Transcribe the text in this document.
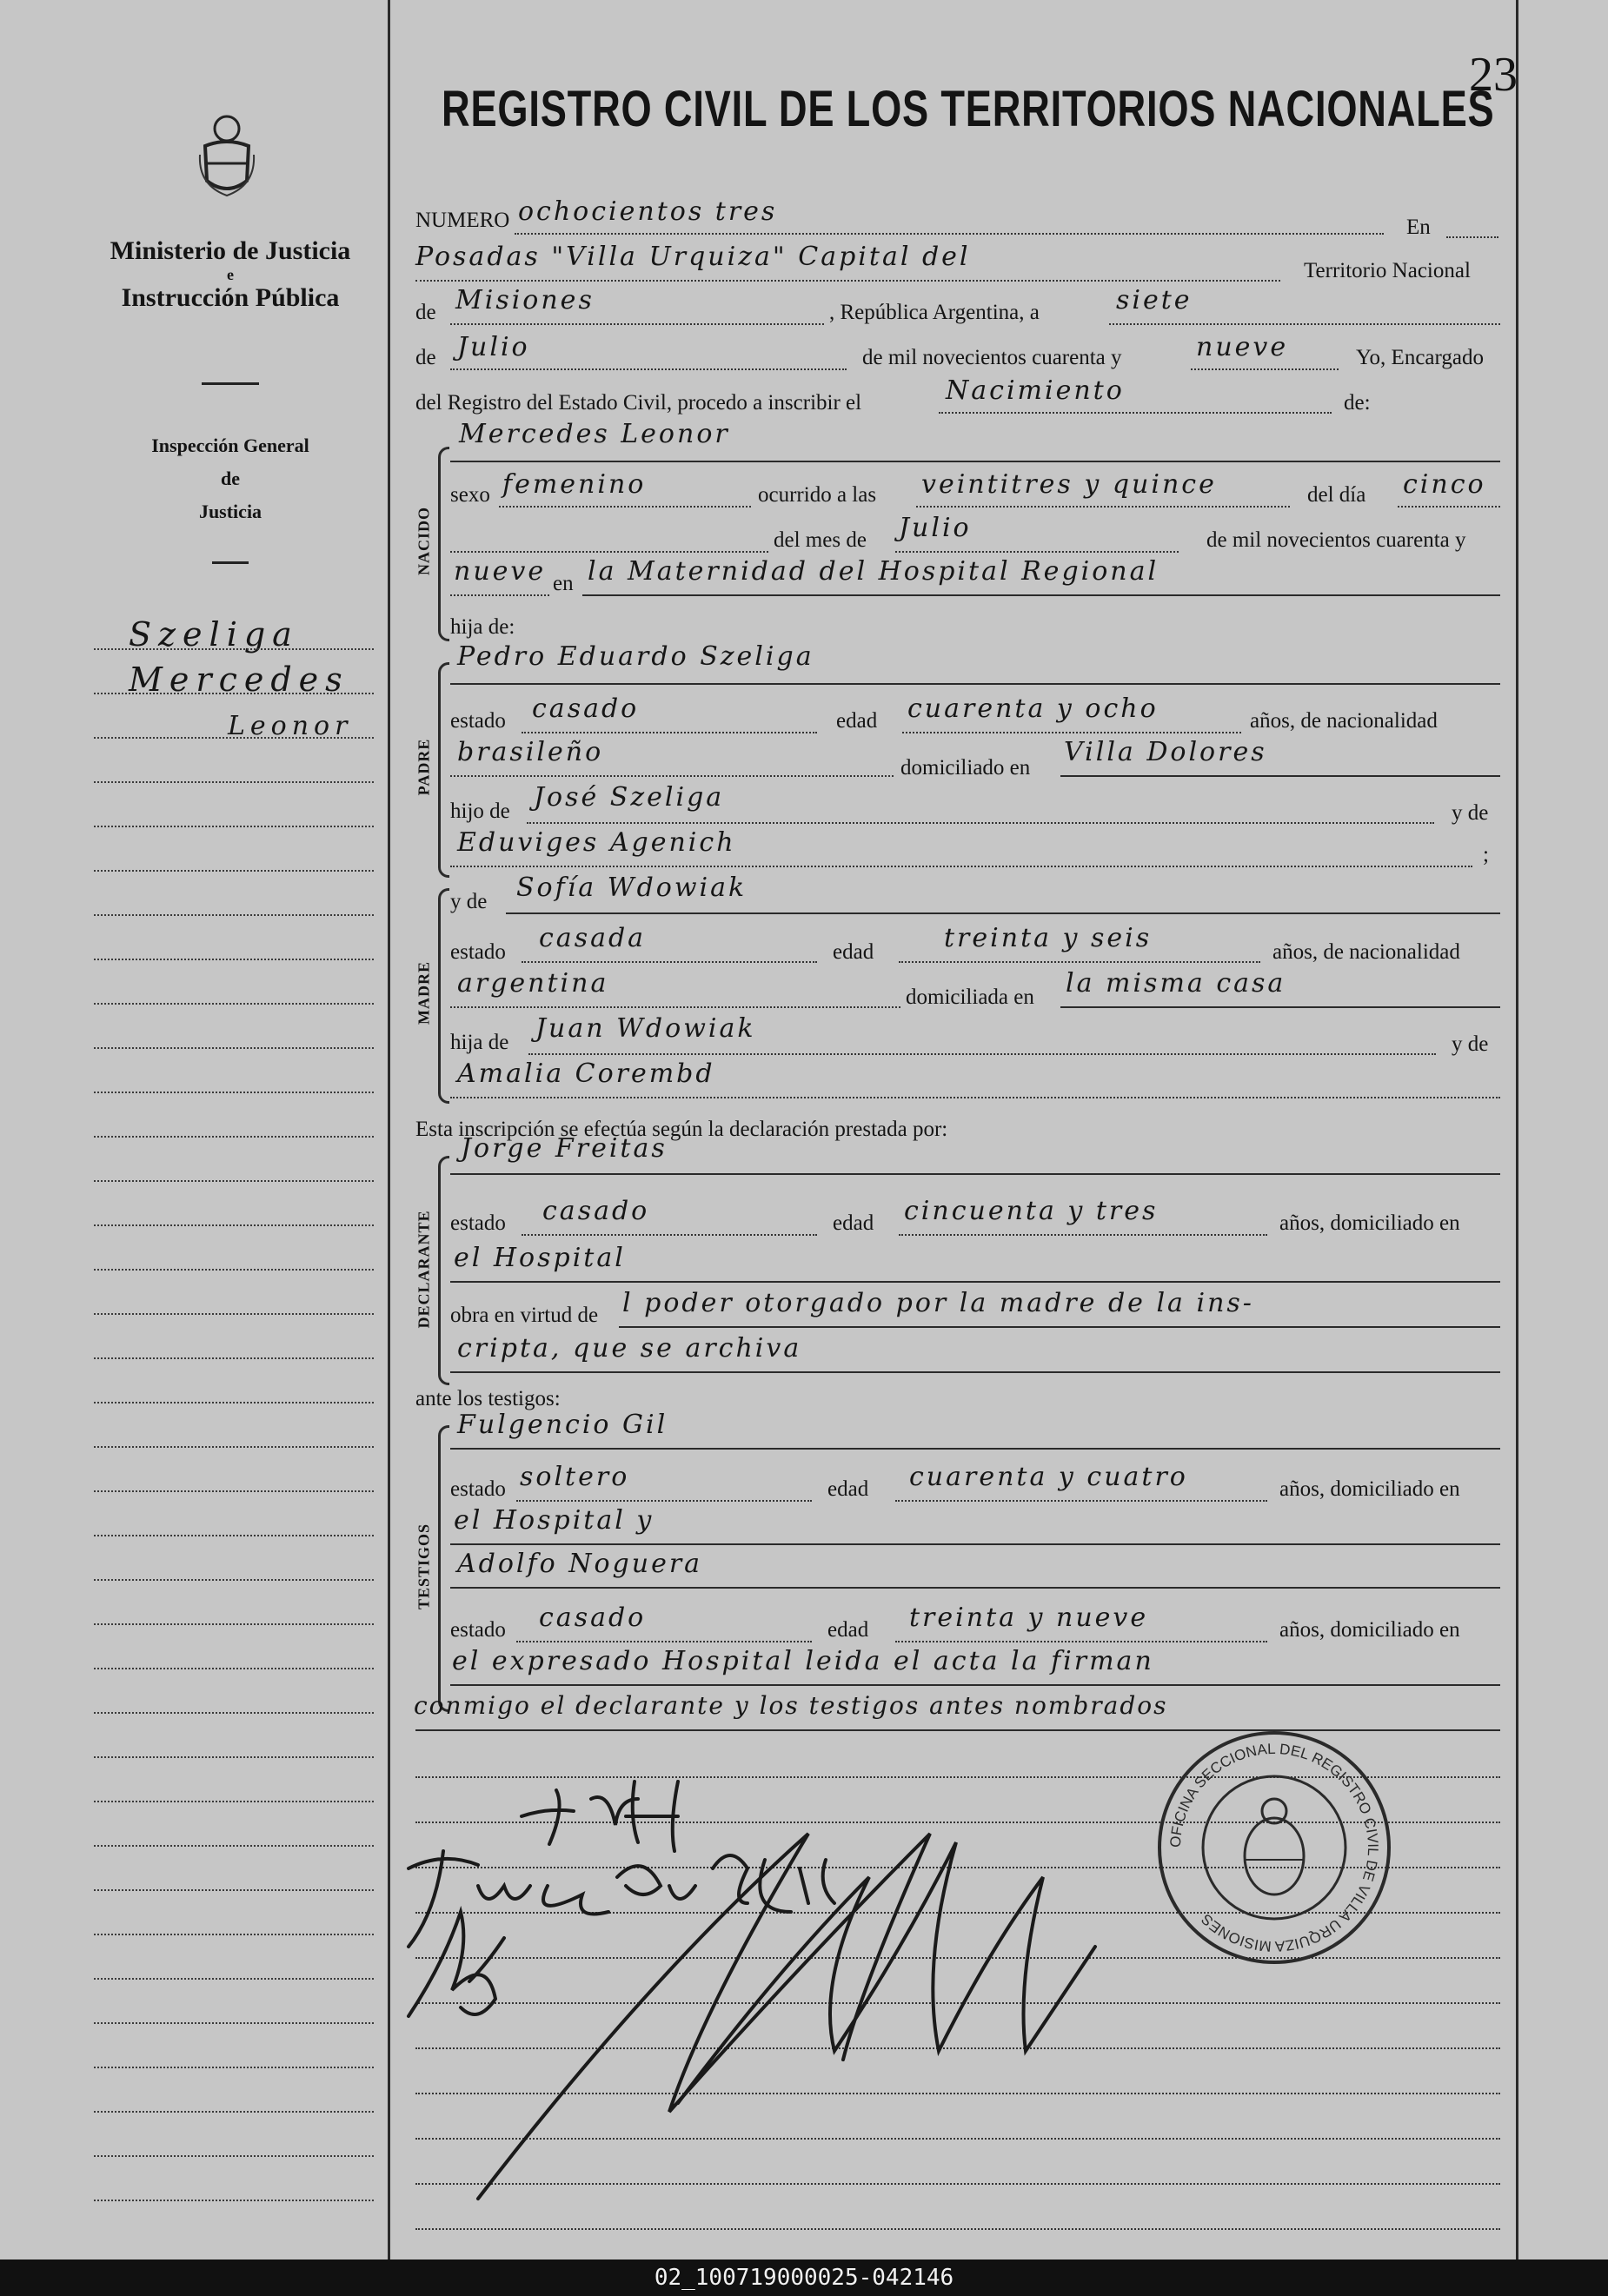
Ministerio de Justicia
e
Instrucción Pública
Inspección General
de
Justicia
Szeliga
Mercedes
Leonor
23
REGISTRO CIVIL DE LOS TERRITORIOS NACIONALES
NUMERO ochocientos tres
En
Posadas "Villa Urquiza" Capital del	Territorio Nacional
de Misiones	, República Argentina, a	siete
de Julio	de mil novecientos cuarenta y	nueve	Yo, Encargado
del Registro del Estado Civil, procedo a inscribir el	Nacimiento	de:
NACIDO
Mercedes Leonor
sexo femenino	ocurrido a las veintitres y quince	del día cinco
del mes de Julio	de mil novecientos cuarenta y
nueve en la Maternidad del Hospital Regional
hija de:
PADRE
Pedro Eduardo Szeliga
estado casado	edad cuarenta y ocho	años, de nacionalidad
brasileño
domiciliado en
Villa Dolores
hijo de José Szeliga
y de
Eduviges Agenich	;
MADRE
y de Sofía Wdowiak
estado casada	edad	treinta y seis	años, de nacionalidad
argentina	domiciliada en la misma casa
hija de Juan Wdowiak
y de
Amalia Corembd
Esta inscripción se efectúa según la declaración prestada por:
DECLARANTE
Jorge Freitas
estado casado	edad cincuenta y tres	años, domiciliado en
el Hospital
obra en virtud de l poder otorgado por la madre de la ins-
cripta, que se archiva
ante los testigos:
TESTIGOS
Fulgencio Gil
estado soltero	edad cuarenta y cuatro	años, domiciliado en
el Hospital y
Adolfo Noguera
estado casado	edad treinta y nueve	años, domiciliado en
el expresado Hospital leida el acta la firman
conmigo el declarante y los testigos antes nombrados
OFICINA SECCIONAL DEL REGISTRO CIVIL DE VILLA URQUIZA MISIONES
02_100719000025-042146
